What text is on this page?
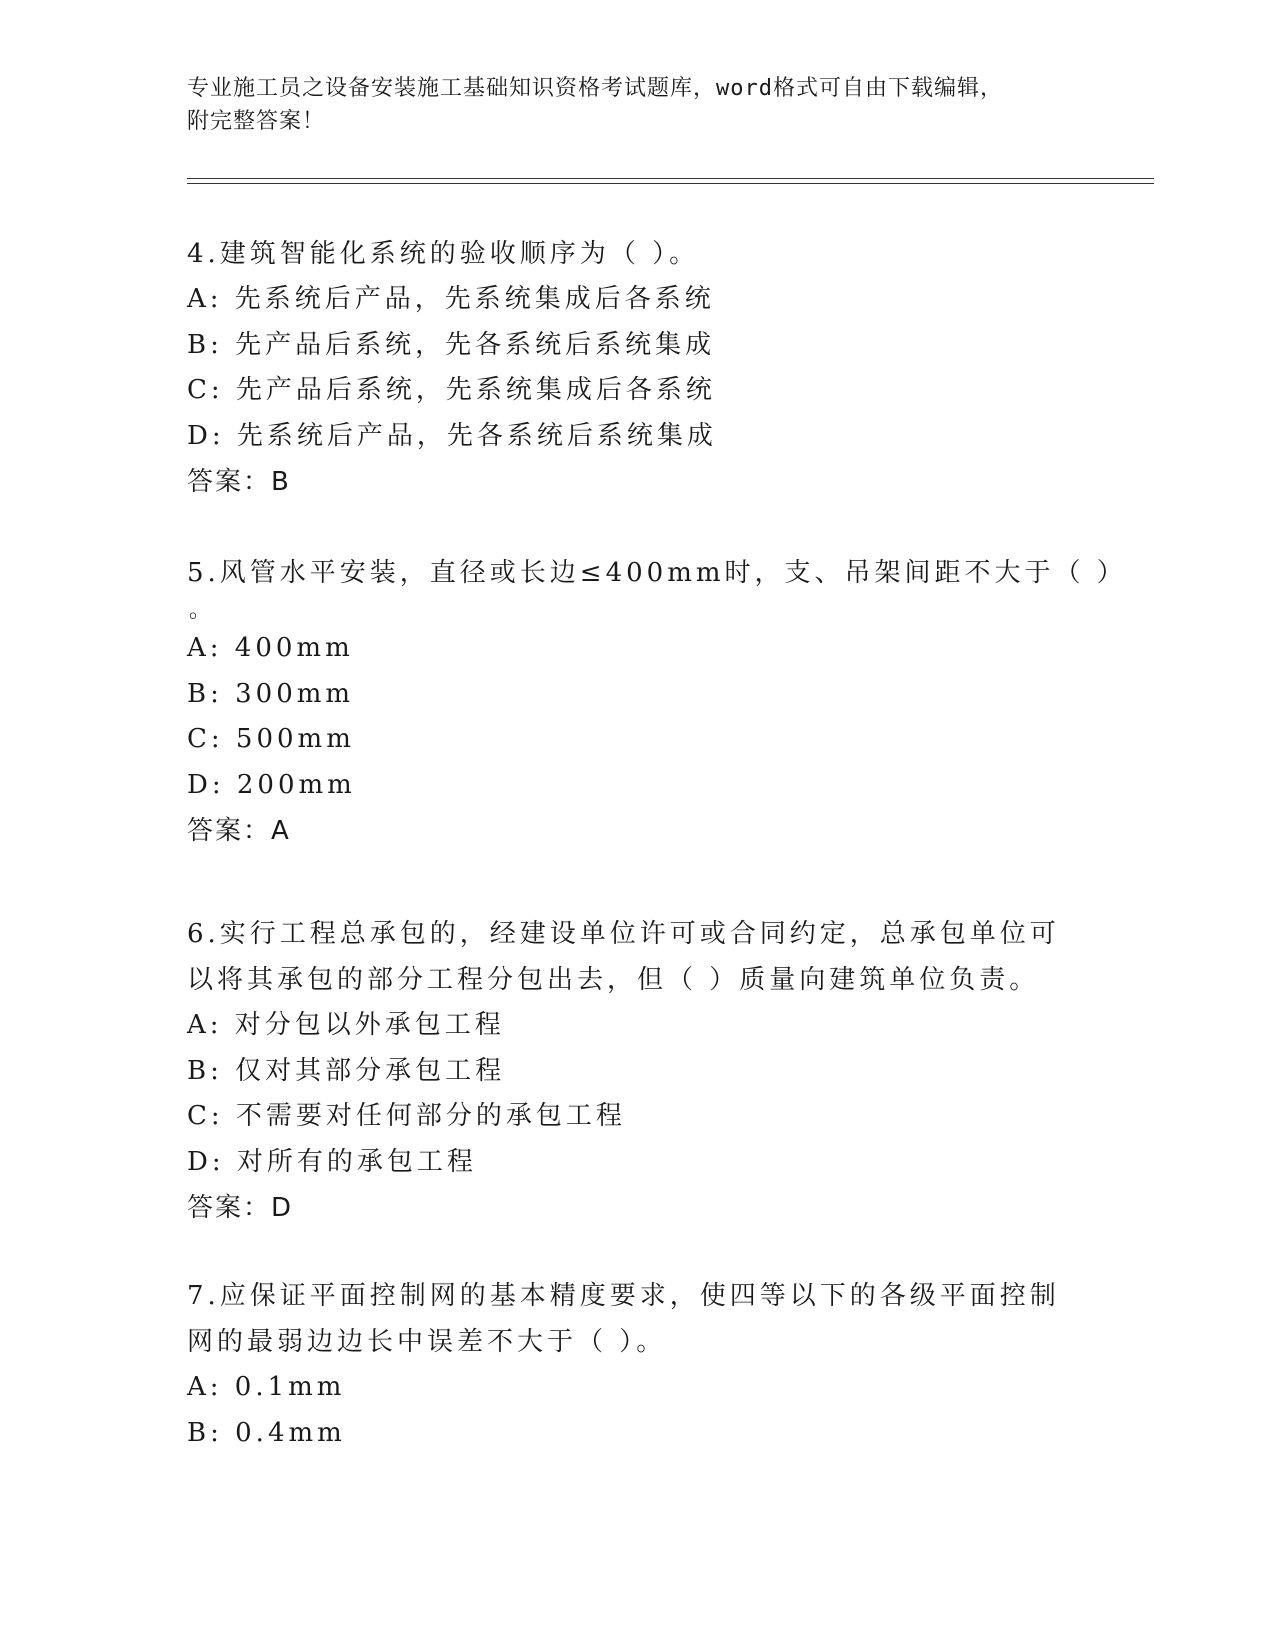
专业施工员之设备安装施工基础知识资格考试题库，word格式可自由下载编辑，
附完整答案！

4.建筑智能化系统的验收顺序为（ ）。

A: 先系统后产品，先系统集成后各系统

B: 先产品后系统，先各系统后系统集成

C: 先产品后系统，先系统集成后各系统

D: 先系统后产品，先各系统后系统集成

答案：B

5.风管水平安装，直径或长边≤400mm时，支、吊架间距不大于（ ）

。

A: 400mm

B: 300mm

C: 500mm

D: 200mm

答案：A

6.实行工程总承包的，经建设单位许可或合同约定，总承包单位可以将其承包的部分工程分包出去，但（ ）质量向建筑单位负责。

A: 对分包以外承包工程

B: 仅对其部分承包工程

C: 不需要对任何部分的承包工程

D: 对所有的承包工程

答案：D

7.应保证平面控制网的基本精度要求，使四等以下的各级平面控制网的最弱边边长中误差不大于（ ）。

A: 0.1mm

B: 0.4mm
